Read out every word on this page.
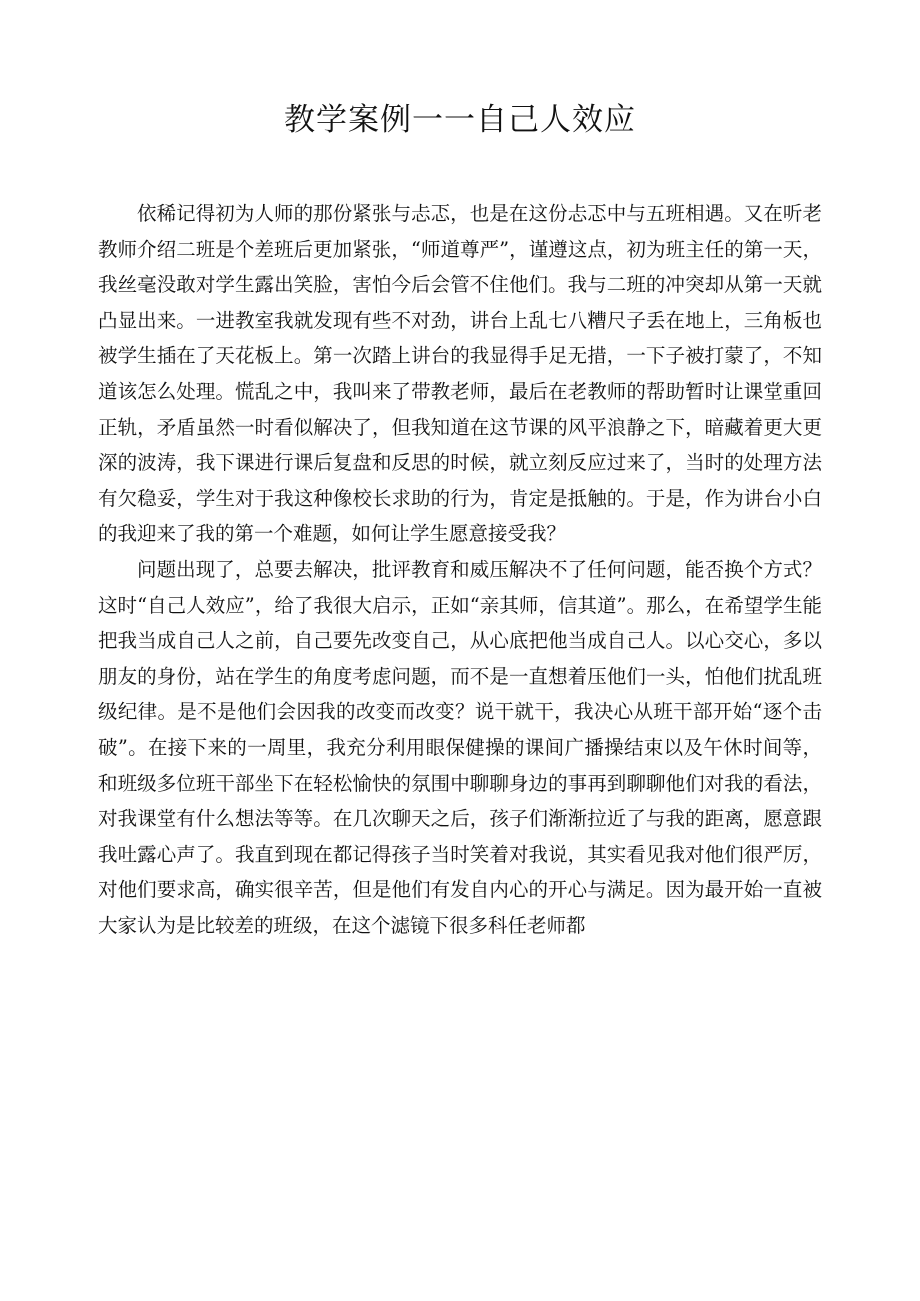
教学案例一一自己人效应

依稀记得初为人师的那份紧张与忐忑，也是在这份忐忑中与五班相遇。又在听老教师介绍二班是个差班后更加紧张，“师道尊严”，谨遵这点，初为班主任的第一天，我丝毫没敢对学生露出笑脸，害怕今后会管不住他们。我与二班的冲突却从第一天就凸显出来。一进教室我就发现有些不对劲，讲台上乱七八糟尺子丢在地上，三角板也被学生插在了天花板上。第一次踏上讲台的我显得手足无措，一下子被打蒙了，不知道该怎么处理。慌乱之中，我叫来了带教老师，最后在老教师的帮助暂时让课堂重回正轨，矛盾虽然一时看似解决了，但我知道在这节课的风平浪静之下，暗藏着更大更深的波涛，我下课进行课后复盘和反思的时候，就立刻反应过来了，当时的处理方法有欠稳妥，学生对于我这种像校长求助的行为，肯定是抵触的。于是，作为讲台小白的我迎来了我的第一个难题，如何让学生愿意接受我？

问题出现了，总要去解决，批评教育和威压解决不了任何问题，能否换个方式？这时“自己人效应”，给了我很大启示，正如“亲其师，信其道”。那么，在希望学生能把我当成自己人之前，自己要先改变自己，从心底把他当成自己人。以心交心，多以朋友的身份，站在学生的角度考虑问题，而不是一直想着压他们一头，怕他们扰乱班级纪律。是不是他们会因我的改变而改变？说干就干，我决心从班干部开始“逐个击破”。在接下来的一周里，我充分利用眼保健操的课间广播操结束以及午休时间等，和班级多位班干部坐下在轻松愉快的氛围中聊聊身边的事再到聊聊他们对我的看法，对我课堂有什么想法等等。在几次聊天之后，孩子们渐渐拉近了与我的距离，愿意跟我吐露心声了。我直到现在都记得孩子当时笑着对我说，其实看见我对他们很严厉，对他们要求高，确实很辛苦，但是他们有发自内心的开心与满足。因为最开始一直被大家认为是比较差的班级，在这个滤镜下很多科任老师都
